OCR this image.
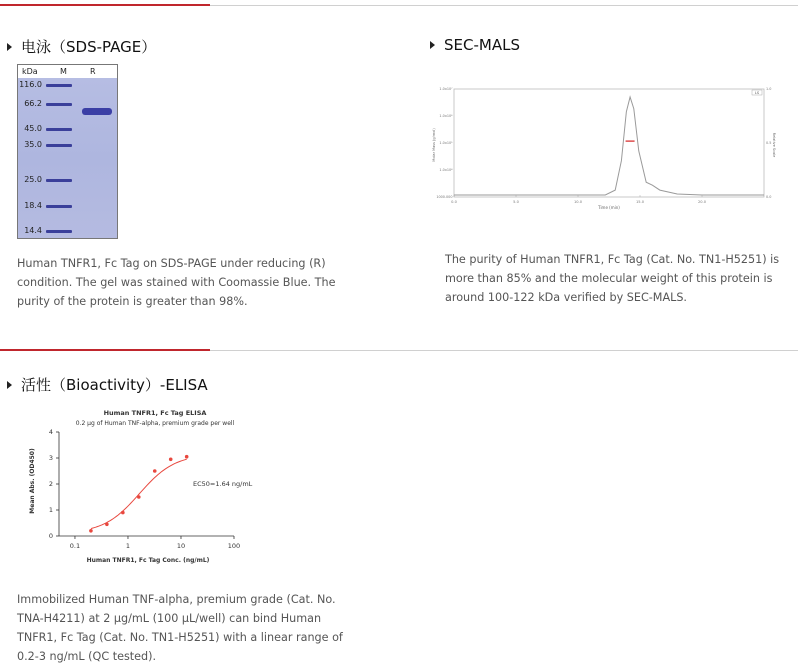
电泳（SDS-PAGE）
kDa	M	R
116.0
66.2
45.0
35.0
25.0
18.4
14.4
Human TNFR1, Fc Tag on SDS-PAGE under reducing (R) condition. The gel was stained with Coomassie Blue. The purity of the protein is greater than 98%.
SEC-MALS
0.0	5.0	10.0	15.0	20.0
1000.000
1.0x10⁴
1.0x10⁵
1.0x10⁶
1.0x10⁷
0.0
0.5
1.0
Molar Mass (g/mol)	Relative Scale
Time (min)
LS
The purity of Human TNFR1, Fc Tag (Cat. No. TN1-H5251) is more than 85% and the molecular weight of this protein is around 100-122 kDa verified by SEC-MALS.
活性（Bioactivity）-ELISA
Human TNFR1, Fc Tag ELISA
0.2 μg of Human TNF-alpha, premium grade per well
0
1
2
3
4
0.1	1	10	100
Mean Abs. (OD450)
Human TNFR1, Fc Tag Conc. (ng/mL)
EC50=1.64 ng/mL
Immobilized Human TNF-alpha, premium grade (Cat. No. TNA-H4211) at 2 μg/mL (100 μL/well) can bind Human TNFR1, Fc Tag (Cat. No. TN1-H5251) with a linear range of 0.2-3 ng/mL (QC tested).
